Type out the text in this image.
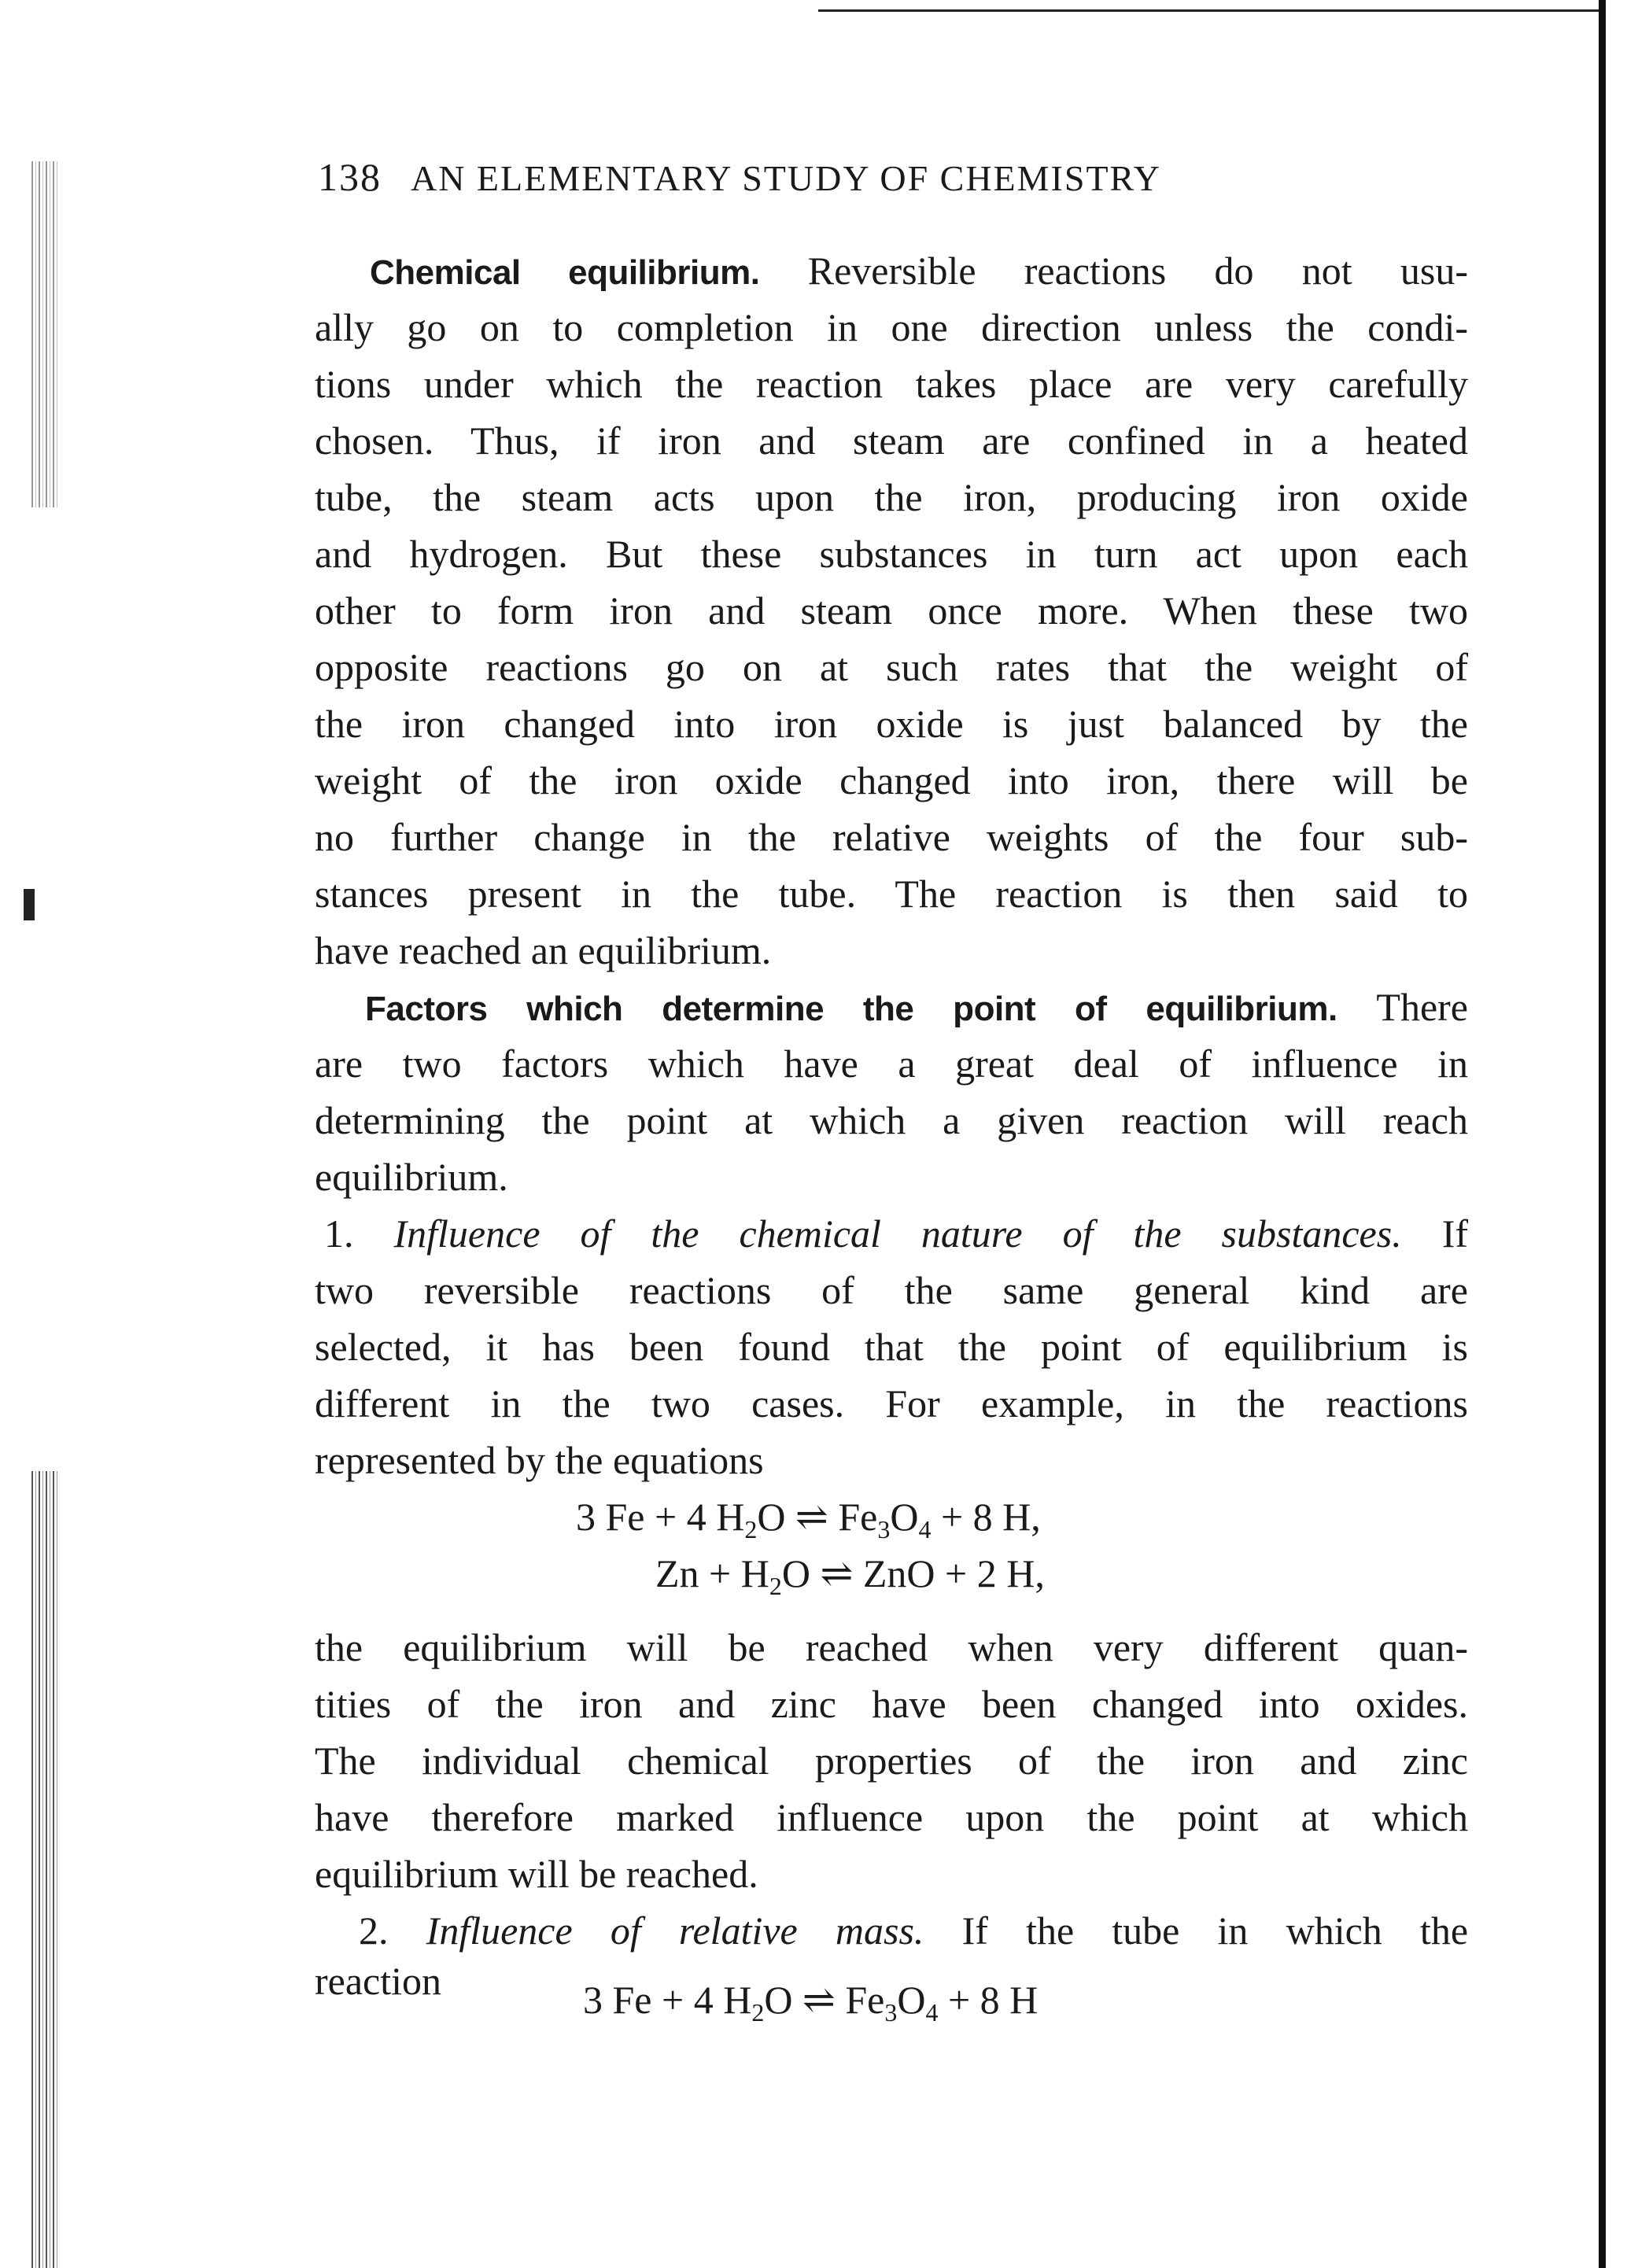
138 AN ELEMENTARY STUDY OF CHEMISTRY
Chemical equilibrium. Reversible reactions do not usu-
ally go on to completion in one direction unless the condi-
tions under which the reaction takes place are very carefully
chosen. Thus, if iron and steam are confined in a heated
tube, the steam acts upon the iron, producing iron oxide
and hydrogen. But these substances in turn act upon each
other to form iron and steam once more. When these two
opposite reactions go on at such rates that the weight of
the iron changed into iron oxide is just balanced by the
weight of the iron oxide changed into iron, there will be
no further change in the relative weights of the four sub-
stances present in the tube. The reaction is then said to
have reached an equilibrium.
Factors which determine the point of equilibrium. There
are two factors which have a great deal of influence in
determining the point at which a given reaction will reach
equilibrium.
1. Influence of the chemical nature of the substances. If
two reversible reactions of the same general kind are
selected, it has been found that the point of equilibrium is
different in the two cases. For example, in the reactions
represented by the equations
3 Fe + 4 $H_2O$ ⇌ $Fe_3O_4 + 8$ H,
$Zn + H_2O$ ⇌ ZnO + 2 H,
the equilibrium will be reached when very different quan-
tities of the iron and zinc have been changed into oxides.
The individual chemical properties of the iron and zinc
have therefore marked influence upon the point at which
equilibrium will be reached.
2. Influence of relative mass. If the tube in which the
reaction	3 Fe + 4 $H_2O$ ⇌ $Fe_3O_4 + 8$ H
